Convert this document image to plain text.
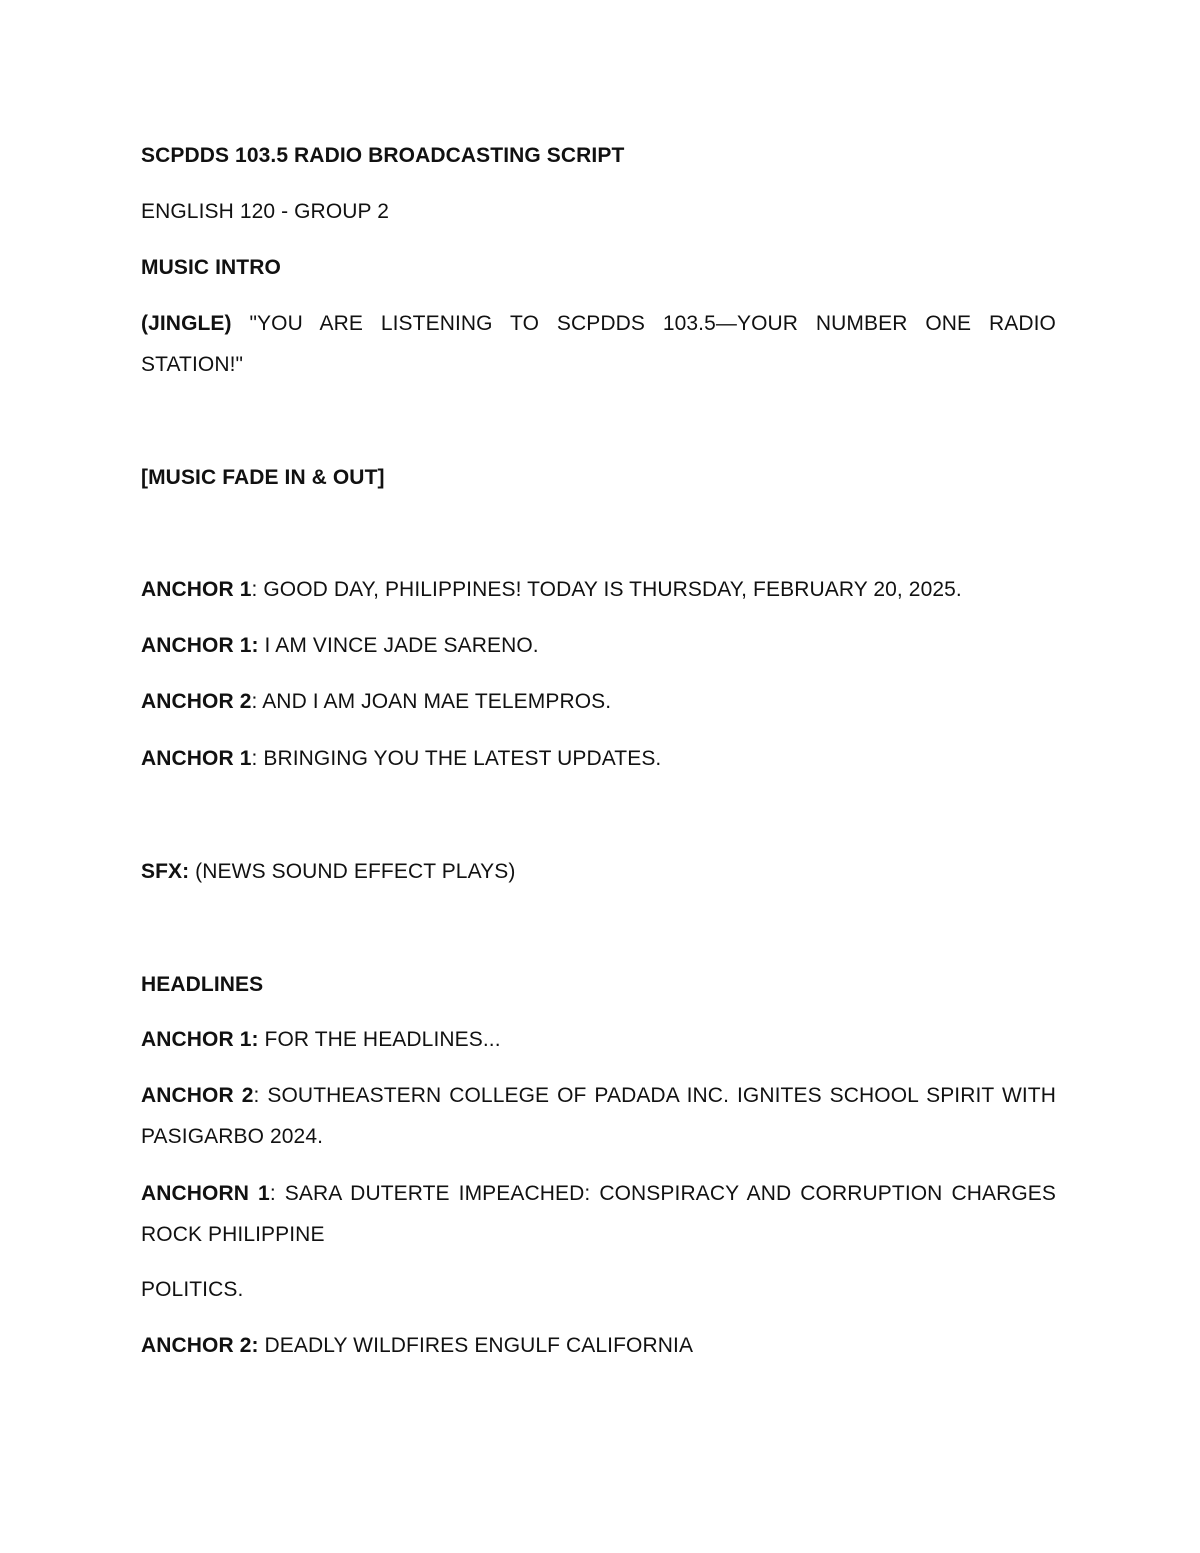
SCPDDS 103.5 RADIO BROADCASTING SCRIPT
ENGLISH 120 - GROUP 2
MUSIC INTRO
(JINGLE) "YOU ARE LISTENING TO SCPDDS 103.5—YOUR NUMBER ONE RADIO STATION!"
[MUSIC FADE IN & OUT]
ANCHOR 1: GOOD DAY, PHILIPPINES! TODAY IS THURSDAY, FEBRUARY 20, 2025.
ANCHOR 1: I AM VINCE JADE SARENO.
ANCHOR 2: AND I AM JOAN MAE TELEMPROS.
ANCHOR 1: BRINGING YOU THE LATEST UPDATES.
SFX: (NEWS SOUND EFFECT PLAYS)
HEADLINES
ANCHOR 1: FOR THE HEADLINES...
ANCHOR 2: SOUTHEASTERN COLLEGE OF PADADA INC. IGNITES SCHOOL SPIRIT WITH PASIGARBO 2024.
ANCHORN 1: SARA DUTERTE IMPEACHED: CONSPIRACY AND CORRUPTION CHARGES ROCK PHILIPPINE
POLITICS.
ANCHOR 2: DEADLY WILDFIRES ENGULF CALIFORNIA
